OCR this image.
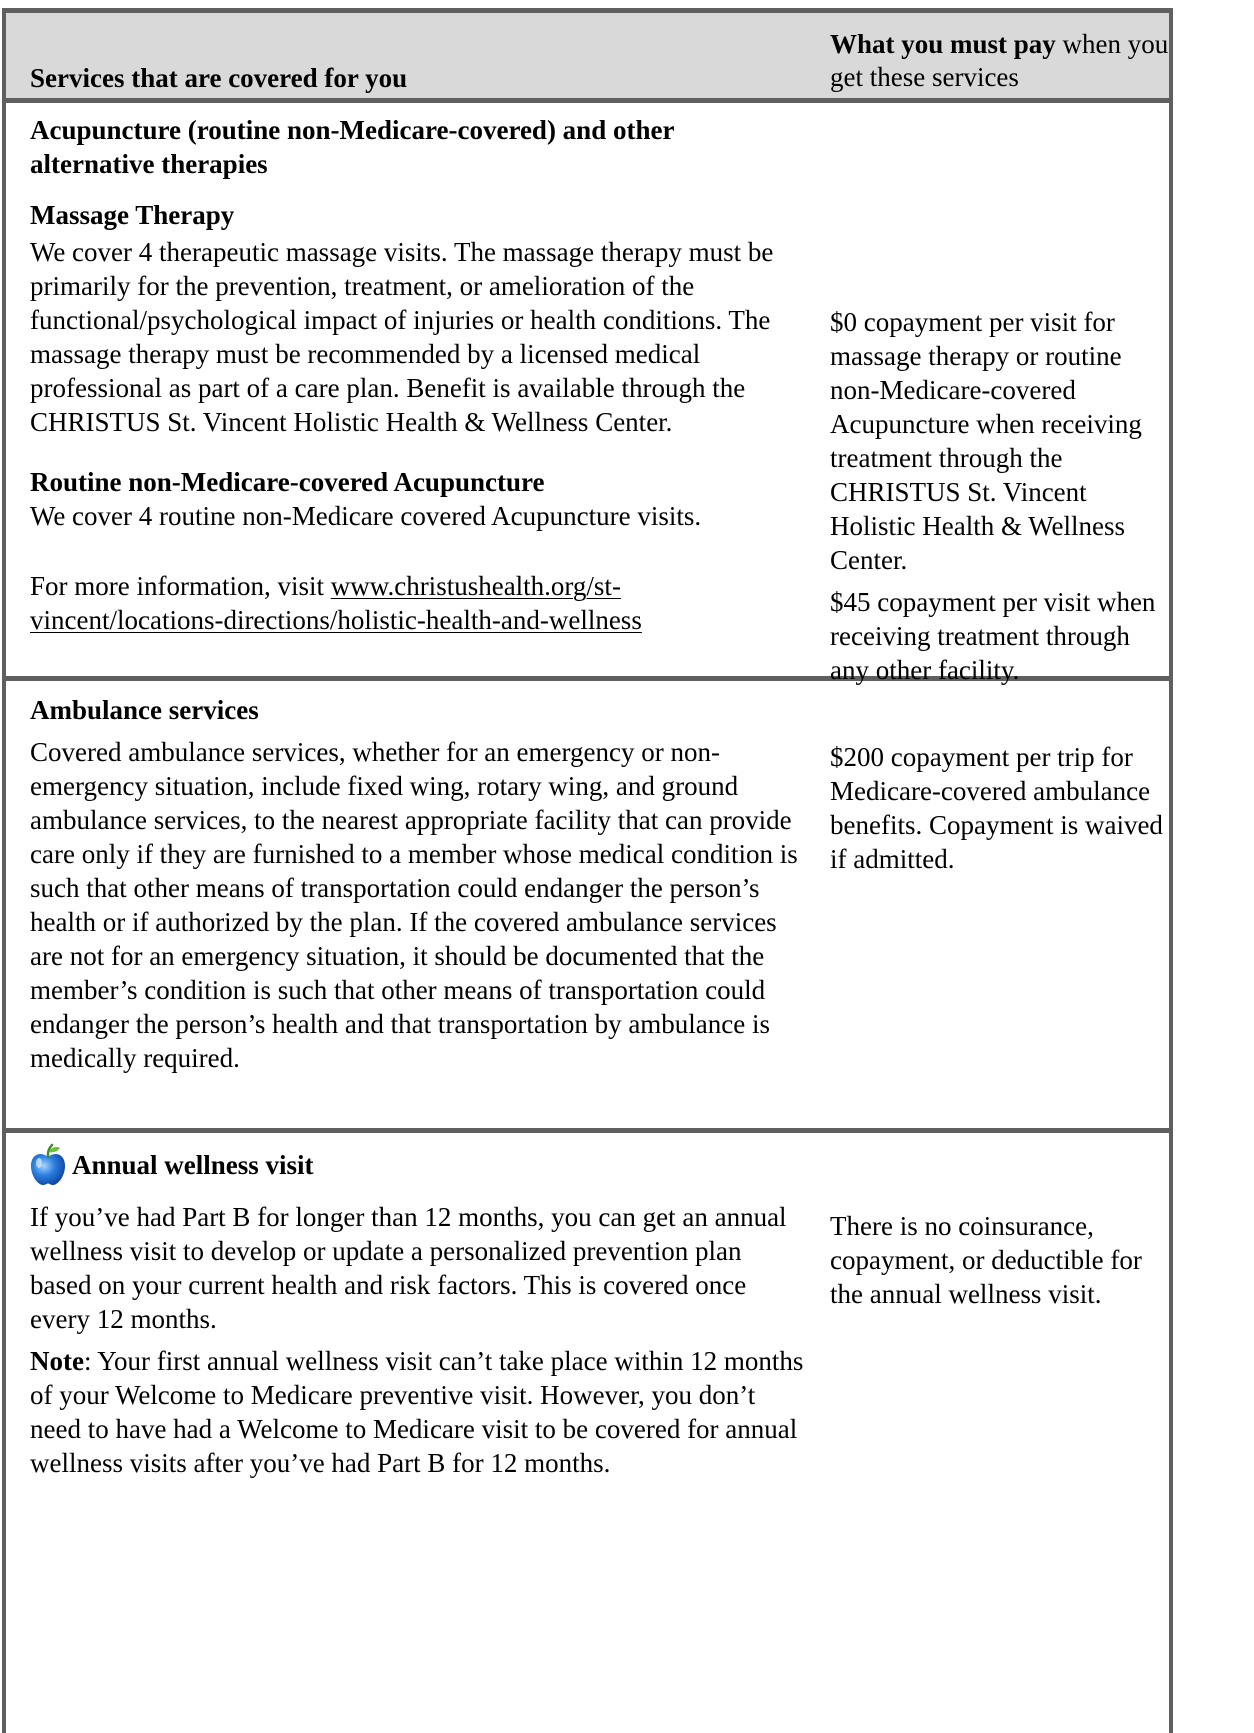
Services that are covered for you
What you must pay when you get these services

Acupuncture (routine non-Medicare-covered) and other alternative therapies

Massage Therapy

We cover 4 therapeutic massage visits. The massage therapy must be primarily for the prevention, treatment, or amelioration of the functional/psychological impact of injuries or health conditions. The massage therapy must be recommended by a licensed medical professional as part of a care plan. Benefit is available through the CHRISTUS St. Vincent Holistic Health & Wellness Center.

Routine non-Medicare-covered Acupuncture

We cover 4 routine non-Medicare covered Acupuncture visits.

For more information, visit www.christushealth.org/st-vincent/locations-directions/holistic-health-and-wellness

$0 copayment per visit for massage therapy or routine non-Medicare-covered Acupuncture when receiving treatment through the CHRISTUS St. Vincent Holistic Health & Wellness Center.

$45 copayment per visit when receiving treatment through any other facility.

Ambulance services

Covered ambulance services, whether for an emergency or non-emergency situation, include fixed wing, rotary wing, and ground ambulance services, to the nearest appropriate facility that can provide care only if they are furnished to a member whose medical condition is such that other means of transportation could endanger the person’s health or if authorized by the plan. If the covered ambulance services are not for an emergency situation, it should be documented that the member’s condition is such that other means of transportation could endanger the person’s health and that transportation by ambulance is medically required.

$200 copayment per trip for Medicare-covered ambulance benefits. Copayment is waived if admitted.

Annual wellness visit

If you’ve had Part B for longer than 12 months, you can get an annual wellness visit to develop or update a personalized prevention plan based on your current health and risk factors. This is covered once every 12 months.

Note: Your first annual wellness visit can’t take place within 12 months of your Welcome to Medicare preventive visit. However, you don’t need to have had a Welcome to Medicare visit to be covered for annual wellness visits after you’ve had Part B for 12 months.

There is no coinsurance, copayment, or deductible for the annual wellness visit.
